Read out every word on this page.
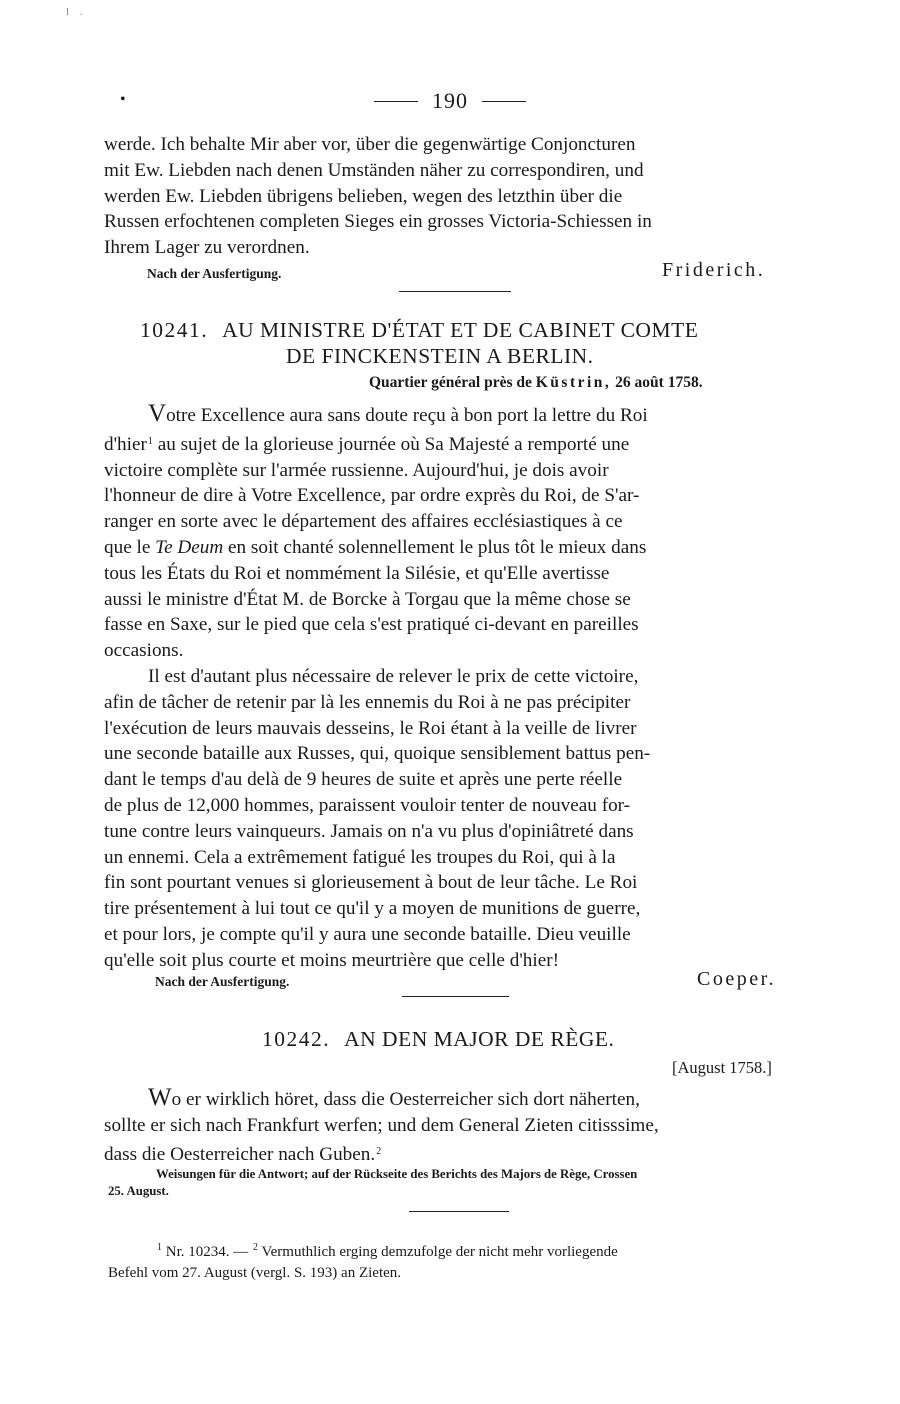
l .
•	190
werde. Ich behalte Mir aber vor, über die gegenwärtige Conjoncturen
mit Ew. Liebden nach denen Umständen näher zu correspondiren, und
werden Ew. Liebden übrigens belieben, wegen des letzthin über die
Russen erfochtenen completen Sieges ein grosses Victoria-Schiessen in
Ihrem Lager zu verordnen.
Nach der Ausfertigung.	Friderich.
10241. AU MINISTRE D'ÉTAT ET DE CABINET COMTE
DE FINCKENSTEIN A BERLIN.
Quartier général près de Küstrin, 26 août 1758.
Votre Excellence aura sans doute reçu à bon port la lettre du Roi
d'hier$^1$ au sujet de la glorieuse journée où Sa Majesté a remporté une
victoire complète sur l'armée russienne. Aujourd'hui, je dois avoir
l'honneur de dire à Votre Excellence, par ordre exprès du Roi, de S'ar-
ranger en sorte avec le département des affaires ecclésiastiques à ce
que le Te Deum en soit chanté solennellement le plus tôt le mieux dans
tous les États du Roi et nommément la Silésie, et qu'Elle avertisse
aussi le ministre d'État M. de Borcke à Torgau que la même chose se
fasse en Saxe, sur le pied que cela s'est pratiqué ci-devant en pareilles
occasions.
Il est d'autant plus nécessaire de relever le prix de cette victoire,
afin de tâcher de retenir par là les ennemis du Roi à ne pas précipiter
l'exécution de leurs mauvais desseins, le Roi étant à la veille de livrer
une seconde bataille aux Russes, qui, quoique sensiblement battus pen-
dant le temps d'au delà de 9 heures de suite et après une perte réelle
de plus de 12,000 hommes, paraissent vouloir tenter de nouveau for-
tune contre leurs vainqueurs. Jamais on n'a vu plus d'opiniâtreté dans
un ennemi. Cela a extrêmement fatigué les troupes du Roi, qui à la
fin sont pourtant venues si glorieusement à bout de leur tâche. Le Roi
tire présentement à lui tout ce qu'il y a moyen de munitions de guerre,
et pour lors, je compte qu'il y aura une seconde bataille. Dieu veuille
qu'elle soit plus courte et moins meurtrière que celle d'hier!
Nach der Ausfertigung.	Coeper.
10242. AN DEN MAJOR DE RÈGE.
[August 1758.]
Wo er wirklich höret, dass die Oesterreicher sich dort näherten,
sollte er sich nach Frankfurt werfen; und dem General Zieten citisssime,
dass die Oesterreicher nach Guben.$^2$
Weisungen für die Antwort; auf der Rückseite des Berichts des Majors de Rège, Crossen
25. August.
$^1$ Nr. 10234. — $^2$ Vermuthlich erging demzufolge der nicht mehr vorliegende
Befehl vom 27. August (vergl. S. 193) an Zieten.
